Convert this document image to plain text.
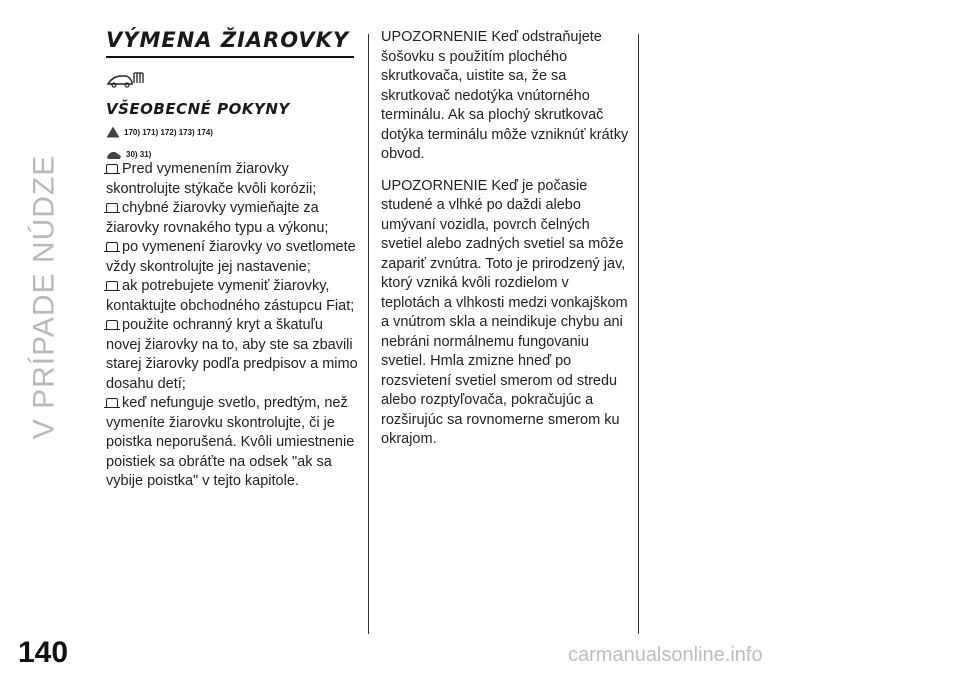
V PRÍPADE NÚDZE
140
VÝMENA ŽIAROVKY
VŠEOBECNÉ POKYNY
170) 171) 172) 173) 174)
30) 31)
Pred vymenením žiarovky skontrolujte stýkače kvôli korózii;
chybné žiarovky vymieňajte za žiarovky rovnakého typu a výkonu;
po vymenení žiarovky vo svetlomete vždy skontrolujte jej nastavenie;
ak potrebujete vymeniť žiarovky, kontaktujte obchodného zástupcu Fiat;
použite ochranný kryt a škatuľu novej žiarovky na to, aby ste sa zbavili starej žiarovky podľa predpisov a mimo dosahu detí;
keď nefunguje svetlo, predtým, než vymeníte žiarovku skontrolujte, či je poistka neporušená. Kvôli umiestnenie poistiek sa obráťte na odsek "ak sa vybije poistka" v tejto kapitole.

UPOZORNENIE Keď odstraňujete šošovku s použitím plochého skrutkovača, uistite sa, že sa skrutkovač nedotýka vnútorného terminálu. Ak sa plochý skrutkovač dotýka terminálu môže vzniknúť krátky obvod.

UPOZORNENIE Keď je počasie studené a vlhké po daždi alebo umývaní vozidla, povrch čelných svetiel alebo zadných svetiel sa môže zapariť zvnútra. Toto je prirodzený jav, ktorý vzniká kvôli rozdielom v teplotách a vlhkosti medzi vonkajškom a vnútrom skla a neindikuje chybu ani nebráni normálnemu fungovaniu svetiel. Hmla zmizne hneď po rozsvietení svetiel smerom od stredu alebo rozptyľovača, pokračujúc a rozširujúc sa rovnomerne smerom ku okrajom.

carmanualsonline.info
